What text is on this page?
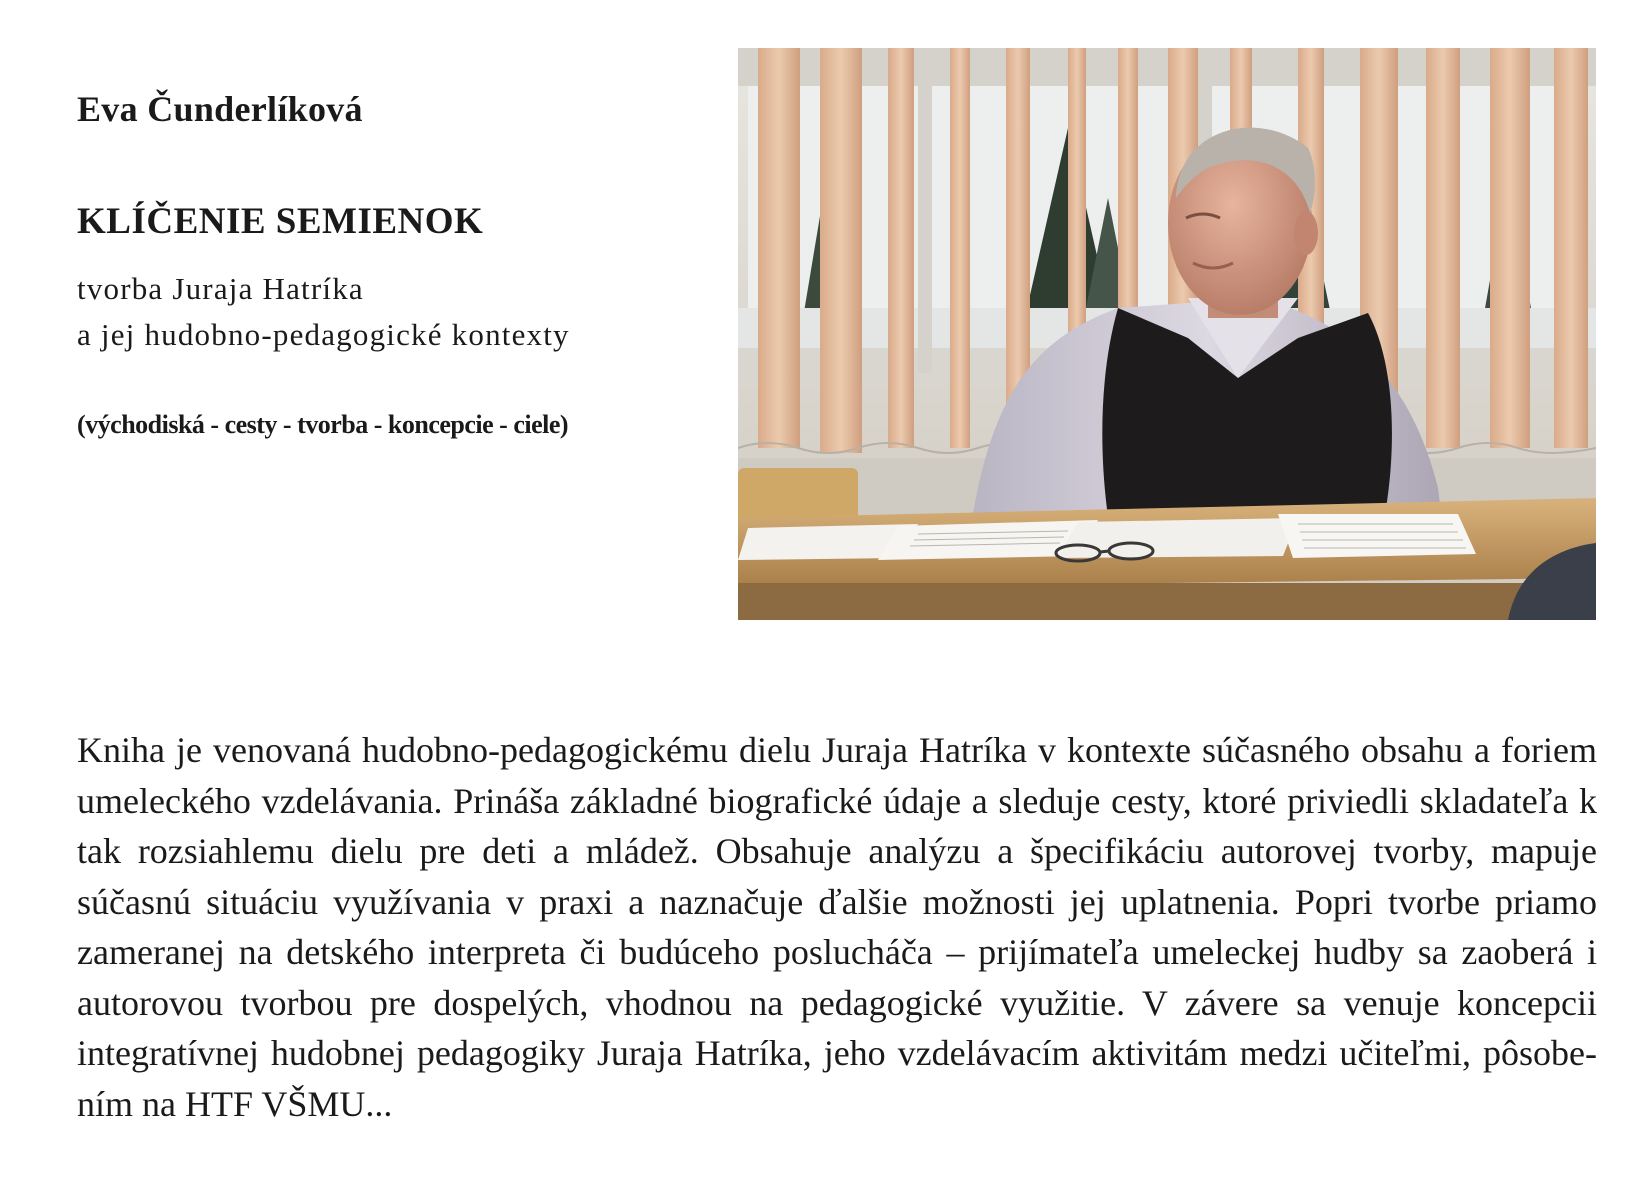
Eva Čunderlíková
KLÍČENIE SEMIENOK

tvorba Juraja Hatríka
a jej hudobno-pedagogické kontexty

(východiská - cesty - tvorba - koncepcie - ciele)

Kniha je venovaná hudobno-pedagogickému dielu Juraja Hatríka v kontexte súčasného obsahu a foriem umeleckého vzdelávania. Prináša základné biografické údaje a sleduje cesty, ktoré priviedli skladateľa k tak rozsiahlemu dielu pre deti a mládež. Obsahuje analýzu a špecifikáciu autorovej tvorby, mapuje súčasnú situáciu využívania v praxi a naznačuje ďalšie možnosti jej uplatnenia. Popri tvorbe priamo zameranej na detského interpreta či budúceho poslucháča – prijímateľa umeleckej hudby sa zaoberá i autorovou tvorbou pre dospelých, vhodnou na pedagogické využitie. V závere sa venuje koncepcii integratívnej hudobnej pedagogiky Juraja Hatríka, jeho vzdelávacím aktivitám medzi učiteľmi, pôsobením na HTF VŠMU...
